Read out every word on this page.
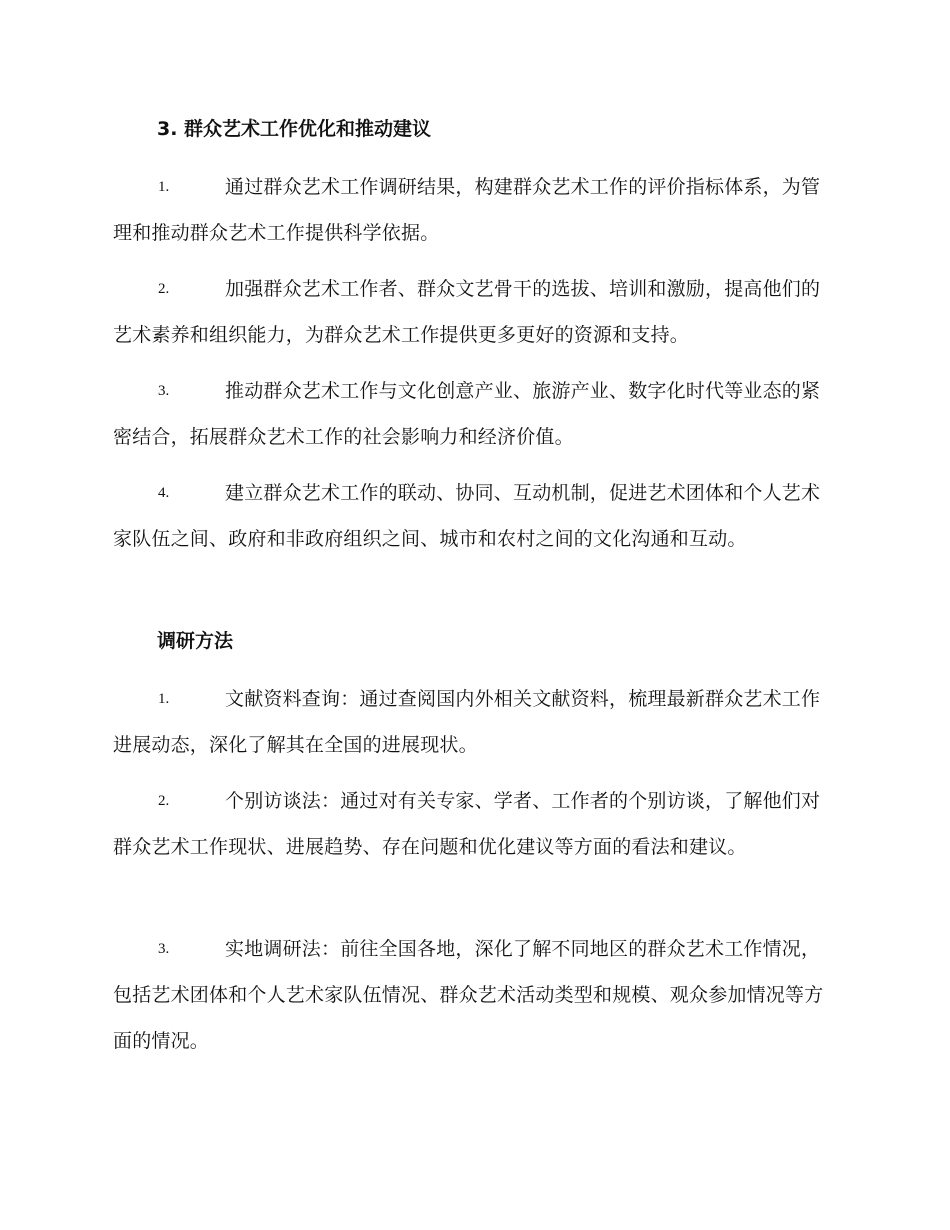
3. 群众艺术工作优化和推动建议

1.	通过群众艺术工作调研结果，构建群众艺术工作的评价指标体系，为管理和推动群众艺术工作提供科学依据。

2.	加强群众艺术工作者、群众文艺骨干的选拔、培训和激励，提高他们的艺术素养和组织能力，为群众艺术工作提供更多更好的资源和支持。

3.	推动群众艺术工作与文化创意产业、旅游产业、数字化时代等业态的紧密结合，拓展群众艺术工作的社会影响力和经济价值。

4.	建立群众艺术工作的联动、协同、互动机制，促进艺术团体和个人艺术家队伍之间、政府和非政府组织之间、城市和农村之间的文化沟通和互动。

调研方法

1.	文献资料查询：通过查阅国内外相关文献资料，梳理最新群众艺术工作进展动态，深化了解其在全国的进展现状。

2.	个别访谈法：通过对有关专家、学者、工作者的个别访谈，了解他们对群众艺术工作现状、进展趋势、存在问题和优化建议等方面的看法和建议。

3.	实地调研法：前往全国各地，深化了解不同地区的群众艺术工作情况，包括艺术团体和个人艺术家队伍情况、群众艺术活动类型和规模、观众参加情况等方面的情况。
